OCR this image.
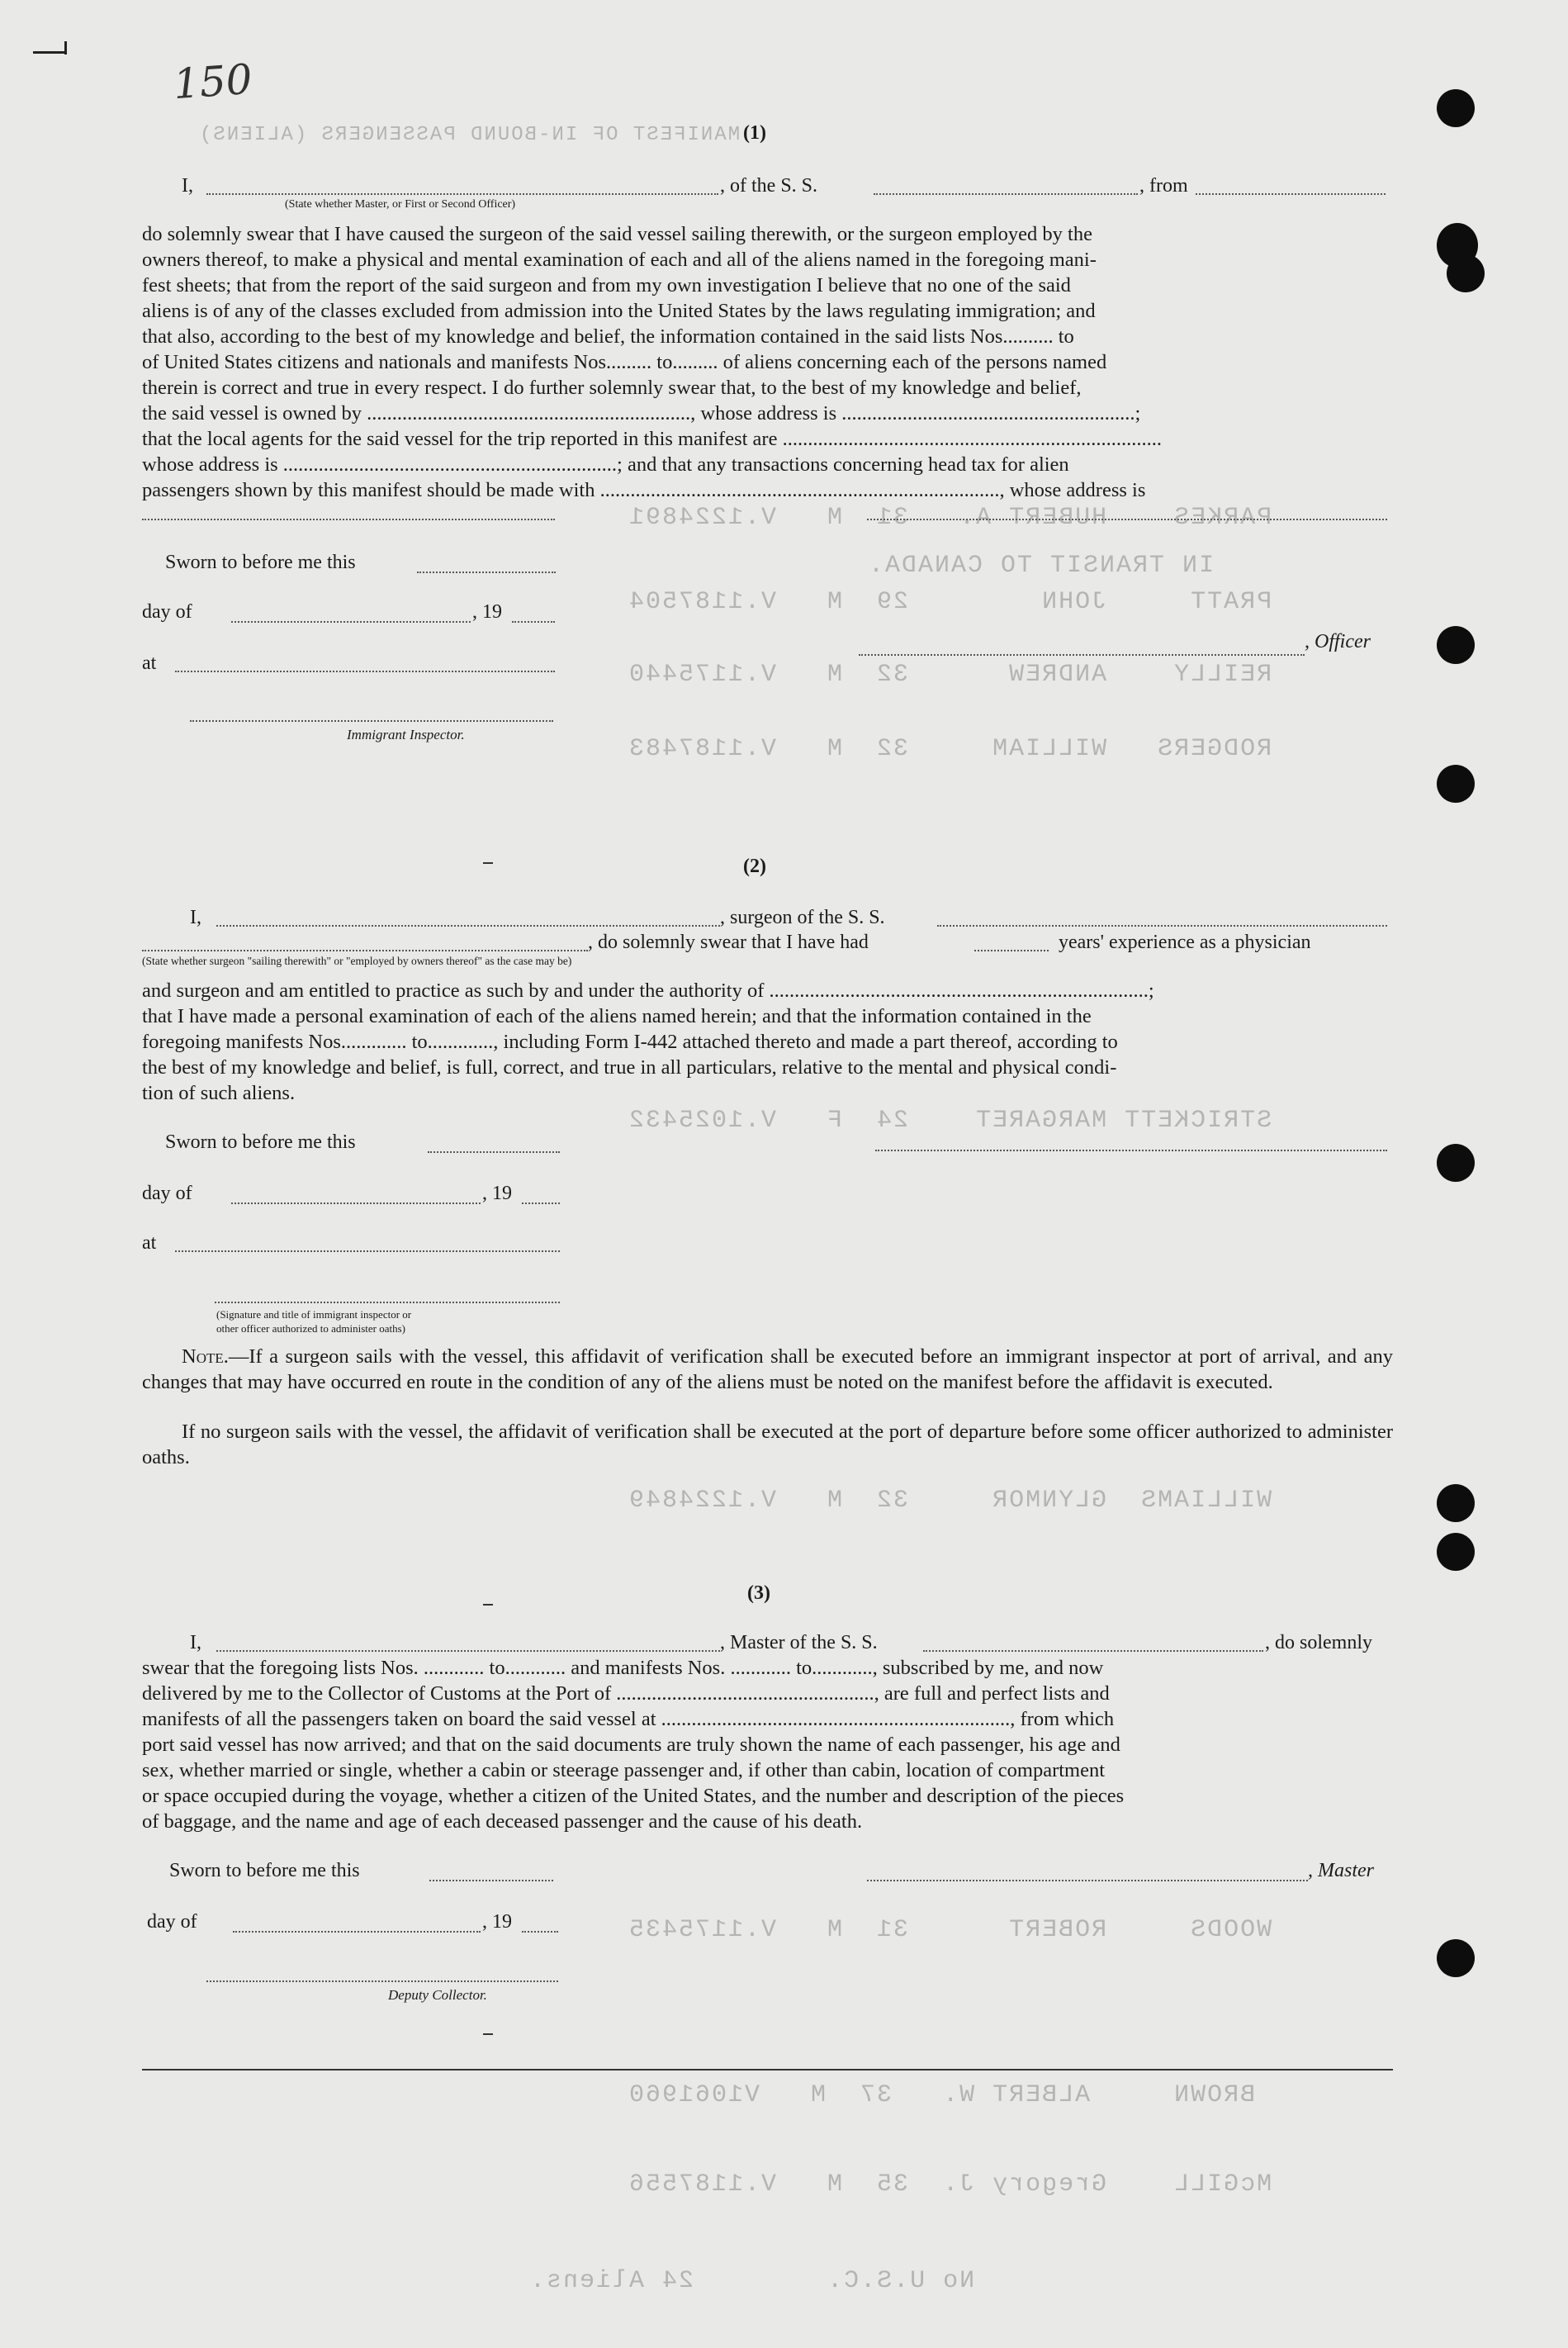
150
MANIFEST OF IN-BOUND PASSENGERS (ALIENS)
PARKES    HUBERT A.   31  M   V.1224891
IN TRANSIT TO CANADA.
PRATT     JOHN        29  M   V.1187504
REILLY    ANDREW      32  M   V.1175440
RODGERS   WILLIAM     32  M   V.1187483
STRICKETT MARGARET    24  F   V.1025432
WILLIAMS  GLYNMOR     32  M   V.1224849
WOODS     ROBERT      31  M   V.1175435
BROWN     ALBERT W.   37  M   V1061960
McGILL    Gregory J.  35  M   V.1187556
No U.S.C.        24 Aliens.
(1)
I,	, of the S. S.	, from
(State whether Master, or First or Second Officer)
do solemnly swear that I have caused the surgeon of the said vessel sailing therewith, or the surgeon employed by the
owners thereof, to make a physical and mental examination of each and all of the aliens named in the foregoing mani-
fest sheets; that from the report of the said surgeon and from my own investigation I believe that no one of the said
aliens is of any of the classes excluded from admission into the United States by the laws regulating immigration; and
that also, according to the best of my knowledge and belief, the information contained in the said lists Nos.......... to
of United States citizens and nationals and manifests Nos......... to......... of aliens concerning each of the persons named
therein is correct and true in every respect. I do further solemnly swear that, to the best of my knowledge and belief,
the said vessel is owned by ................................................................, whose address is ..........................................................;
that the local agents for the said vessel for the trip reported in this manifest are ...........................................................................
whose address is ..................................................................; and that any transactions concerning head tax for alien
passengers shown by this manifest should be made with ..............................................................................., whose address is
Sworn to before me this
day of	, 19
, Officer
at
Immigrant Inspector.
(2)
I,	, surgeon of the S. S.
, do solemnly swear that I have had	years' experience as a physician
(State whether surgeon "sailing therewith" or "employed by owners thereof" as the case may be)
and surgeon and am entitled to practice as such by and under the authority of ...........................................................................;
that I have made a personal examination of each of the aliens named herein; and that the information contained in the
foregoing manifests Nos............. to............., including Form I-442 attached thereto and made a part thereof, according to
the best of my knowledge and belief, is full, correct, and true in all particulars, relative to the mental and physical condi-
tion of such aliens.
Sworn to before me this
day of	, 19
at
(Signature and title of immigrant inspector or
other officer authorized to administer oaths)
Note.—If a surgeon sails with the vessel, this affidavit of verification shall be executed before an immigrant inspector at port of arrival, and any changes that may have occurred en route in the condition of any of the aliens must be noted on the manifest before the affidavit is executed.
If no surgeon sails with the vessel, the affidavit of verification shall be executed at the port of departure before some officer authorized to administer oaths.
(3)
I,	, Master of the S. S.	, do solemnly
swear that the foregoing lists Nos. ............ to............ and manifests Nos. ............ to............, subscribed by me, and now
delivered by me to the Collector of Customs at the Port of ..................................................., are full and perfect lists and
manifests of all the passengers taken on board the said vessel at ....................................................................., from which
port said vessel has now arrived; and that on the said documents are truly shown the name of each passenger, his age and
sex, whether married or single, whether a cabin or steerage passenger and, if other than cabin, location of compartment
or space occupied during the voyage, whether a citizen of the United States, and the number and description of the pieces
of baggage, and the name and age of each deceased passenger and the cause of his death.
Sworn to before me this	, Master
day of	, 19
Deputy Collector.
